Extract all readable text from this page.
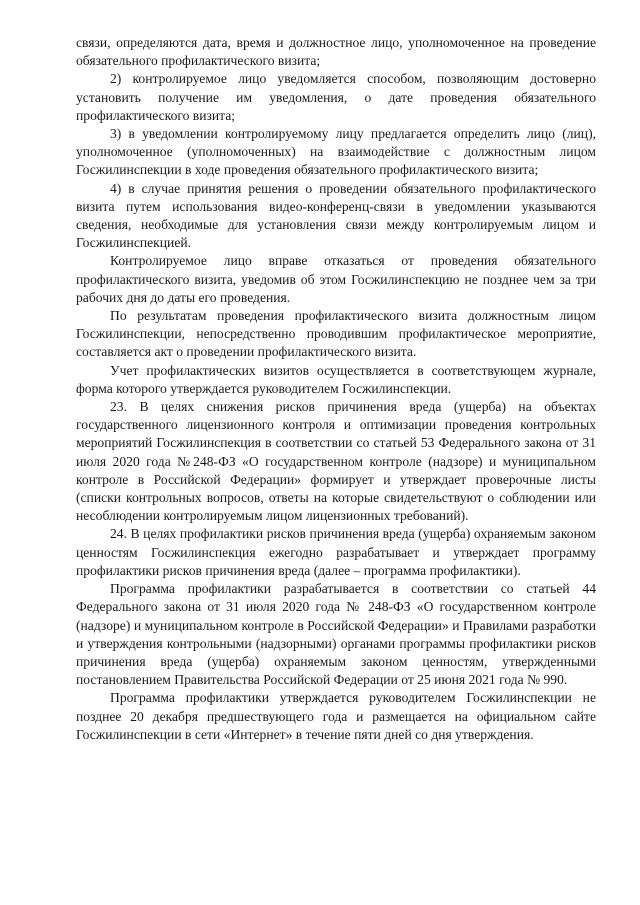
связи, определяются дата, время и должностное лицо, уполномоченное на проведение обязательного профилактического визита;

2) контролируемое лицо уведомляется способом, позволяющим достоверно установить получение им уведомления, о дате проведения обязательного профилактического визита;

3) в уведомлении контролируемому лицу предлагается определить лицо (лиц), уполномоченное (уполномоченных) на взаимодействие с должностным лицом Госжилинспекции в ходе проведения обязательного профилактического визита;

4) в случае принятия решения о проведении обязательного профилактического визита путем использования видео-конференц-связи в уведомлении указываются сведения, необходимые для установления связи между контролируемым лицом и Госжилинспекцией.

Контролируемое лицо вправе отказаться от проведения обязательного профилактического визита, уведомив об этом Госжилинспекцию не позднее чем за три рабочих дня до даты его проведения.

По результатам проведения профилактического визита должностным лицом Госжилинспекции, непосредственно проводившим профилактическое мероприятие, составляется акт о проведении профилактического визита.

Учет профилактических визитов осуществляется в соответствующем журнале, форма которого утверждается руководителем Госжилинспекции.

23. В целях снижения рисков причинения вреда (ущерба) на объектах государственного лицензионного контроля и оптимизации проведения контрольных мероприятий Госжилинспекция в соответствии со статьей 53 Федерального закона от 31 июля 2020 года №248-ФЗ «О государственном контроле (надзоре) и муниципальном контроле в Российской Федерации» формирует и утверждает проверочные листы (списки контрольных вопросов, ответы на которые свидетельствуют о соблюдении или несоблюдении контролируемым лицом лицензионных требований).

24. В целях профилактики рисков причинения вреда (ущерба) охраняемым законом ценностям Госжилинспекция ежегодно разрабатывает и утверждает программу профилактики рисков причинения вреда (далее – программа профилактики).

Программа профилактики разрабатывается в соответствии со статьей 44 Федерального закона от 31 июля 2020 года № 248-ФЗ «О государственном контроле (надзоре) и муниципальном контроле в Российской Федерации» и Правилами разработки и утверждения контрольными (надзорными) органами программы профилактики рисков причинения вреда (ущерба) охраняемым законом ценностям, утвержденными постановлением Правительства Российской Федерации от 25 июня 2021 года № 990.

Программа профилактики утверждается руководителем Госжилинспекции не позднее 20 декабря предшествующего года и размещается на официальном сайте Госжилинспекции в сети «Интернет» в течение пяти дней со дня утверждения.
